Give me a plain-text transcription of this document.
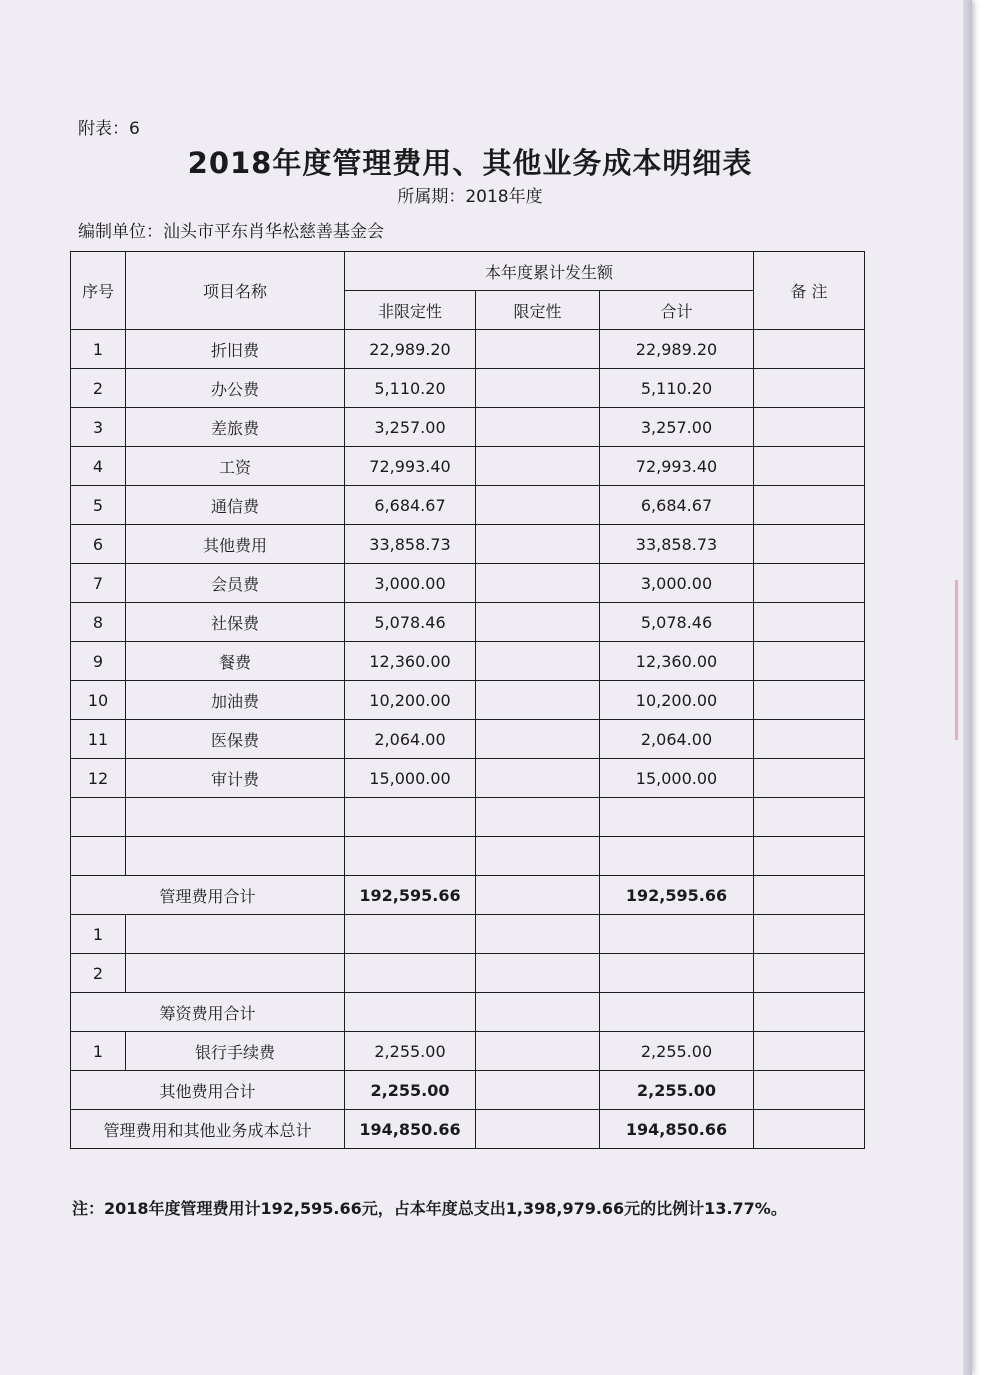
附表：6
2018年度管理费用、其他业务成本明细表
所属期：2018年度
编制单位：汕头市平东肖华松慈善基金会
序号	项目名称	本年度累计发生额			备 注
		非限定性	限定性	合计	
1	折旧费	22,989.20		22,989.20	
2	办公费	5,110.20		5,110.20	
3	差旅费	3,257.00		3,257.00	
4	工资	72,993.40		72,993.40	
5	通信费	6,684.67		6,684.67	
6	其他费用	33,858.73		33,858.73	
7	会员费	3,000.00		3,000.00	
8	社保费	5,078.46		5,078.46	
9	餐费	12,360.00		12,360.00	
10	加油费	10,200.00		10,200.00	
11	医保费	2,064.00		2,064.00	
12	审计费	15,000.00		15,000.00	

管理费用合计		192,595.66		192,595.66	
1					
2					
筹资费用合计					
1	银行手续费	2,255.00		2,255.00	
其他费用合计		2,255.00		2,255.00	
管理费用和其他业务成本总计		194,850.66		194,850.66	
注：2018年度管理费用计192,595.66元，占本年度总支出1,398,979.66元的比例计13.77%。
